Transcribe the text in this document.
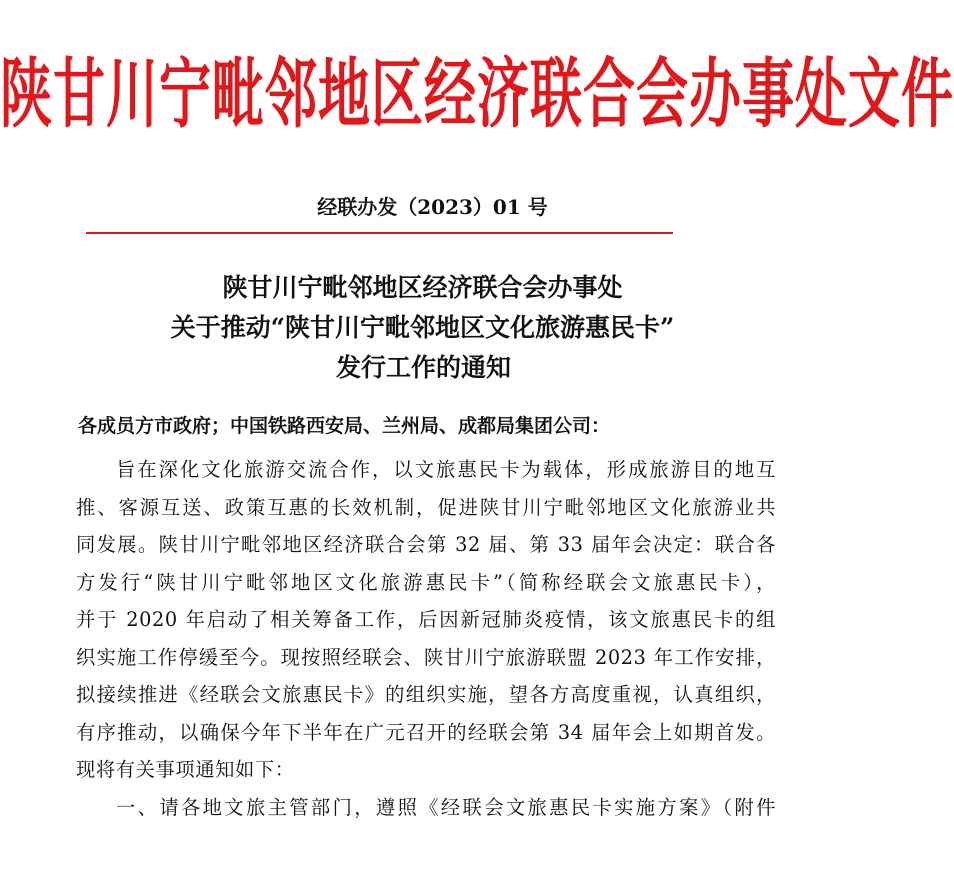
陕甘川宁毗邻地区经济联合会办事处文件
经联办发（2023）01 号
陕甘川宁毗邻地区经济联合会办事处
关于推动“陕甘川宁毗邻地区文化旅游惠民卡”
发行工作的通知
各成员方市政府；中国铁路西安局、兰州局、成都局集团公司：
旨在深化文化旅游交流合作，以文旅惠民卡为载体，形成旅游目的地互
推、客源互送、政策互惠的长效机制，促进陕甘川宁毗邻地区文化旅游业共
同发展。陕甘川宁毗邻地区经济联合会第 32 届、第 33 届年会决定：联合各
方发行“陕甘川宁毗邻地区文化旅游惠民卡”（简称经联会文旅惠民卡），
并于 2020 年启动了相关筹备工作，后因新冠肺炎疫情，该文旅惠民卡的组
织实施工作停缓至今。现按照经联会、陕甘川宁旅游联盟 2023 年工作安排，
拟接续推进《经联会文旅惠民卡》的组织实施，望各方高度重视，认真组织，
有序推动，以确保今年下半年在广元召开的经联会第 34 届年会上如期首发。
现将有关事项通知如下：
一、请各地文旅主管部门，遵照《经联会文旅惠民卡实施方案》（附件
